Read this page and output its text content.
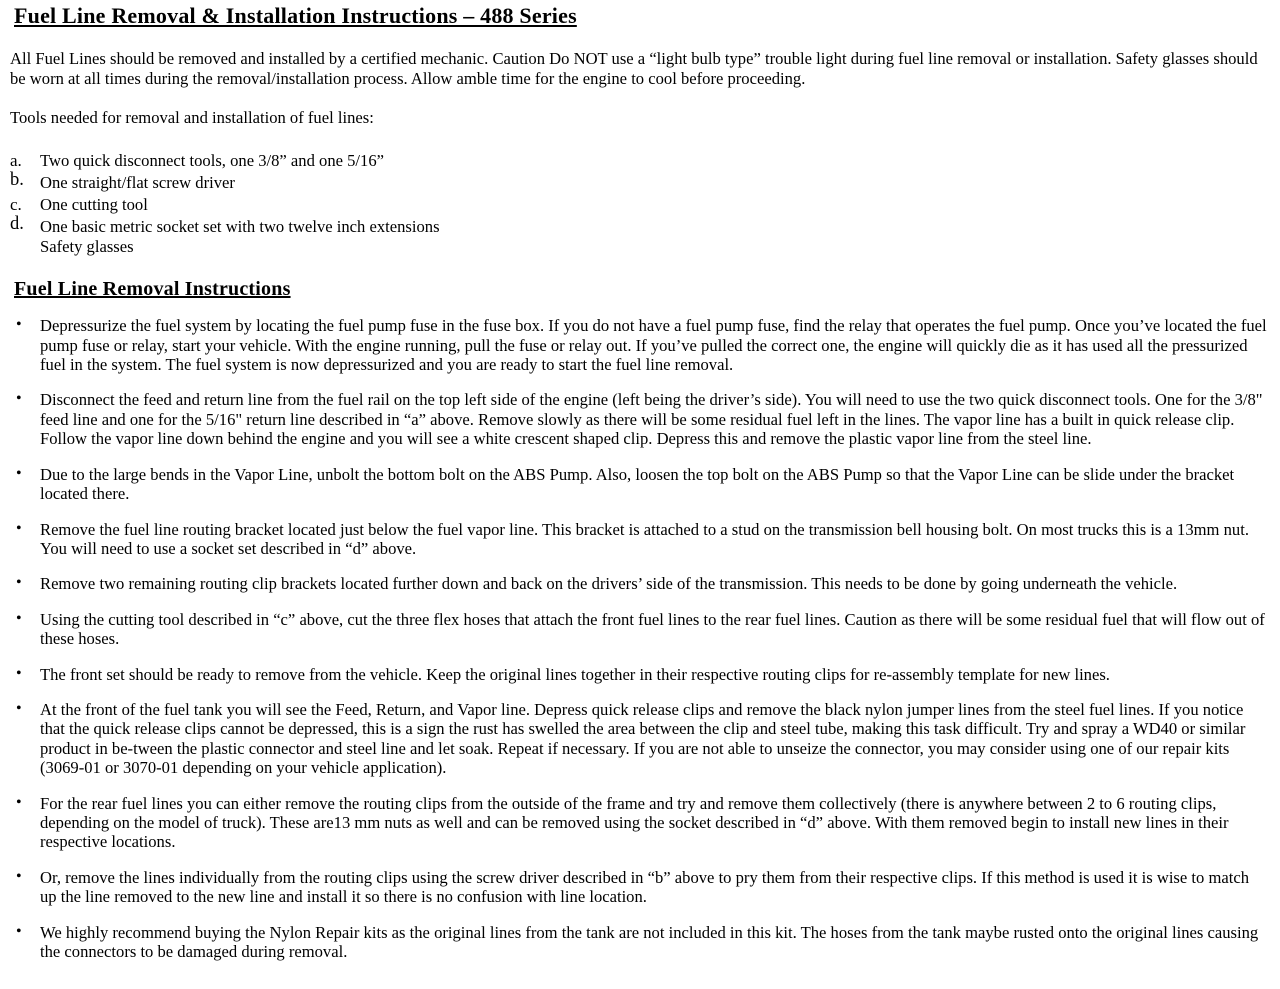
Fuel Line Removal & Installation Instructions – 488 Series

All Fuel Lines should be removed and installed by a certified mechanic. Caution Do NOT use a “light bulb type” trouble light during fuel line removal or installation. Safety glasses should be worn at all times during the removal/installation process. Allow amble time for the engine to cool before proceeding.

Tools needed for removal and installation of fuel lines:

a. Two quick disconnect tools, one 3/8” and one 5/16”
b. One straight/flat screw driver
c. One cutting tool
d. One basic metric socket set with two twelve inch extensions
Safety glasses
Fuel Line Removal Instructions
• Depressurize the fuel system by locating the fuel pump fuse in the fuse box. If you do not have a fuel pump fuse, find the relay that operates the fuel pump. Once you’ve located the fuel pump fuse or relay, start your vehicle. With the engine running, pull the fuse or relay out. If you’ve pulled the correct one, the engine will quickly die as it has used all the pressurized fuel in the system. The fuel system is now depressurized and you are ready to start the fuel line removal.
• Disconnect the feed and return line from the fuel rail on the top left side of the engine (left being the driver’s side). You will need to use the two quick disconnect tools. One for the 3/8" feed line and one for the 5/16" return line described in “a” above. Remove slowly as there will be some residual fuel left in the lines. The vapor line has a built in quick release clip. Follow the vapor line down behind the engine and you will see a white crescent shaped clip. Depress this and remove the plastic vapor line from the steel line.
• Due to the large bends in the Vapor Line, unbolt the bottom bolt on the ABS Pump. Also, loosen the top bolt on the ABS Pump so that the Vapor Line can be slide under the bracket located there.
• Remove the fuel line routing bracket located just below the fuel vapor line. This bracket is attached to a stud on the transmission bell housing bolt. On most trucks this is a 13mm nut. You will need to use a socket set described in “d” above.
• Remove two remaining routing clip brackets located further down and back on the drivers’ side of the transmission. This needs to be done by going underneath the vehicle.
• Using the cutting tool described in “c” above, cut the three flex hoses that attach the front fuel lines to the rear fuel lines. Caution as there will be some residual fuel that will flow out of these hoses.
• The front set should be ready to remove from the vehicle. Keep the original lines together in their respective routing clips for re-assembly template for new lines.
• At the front of the fuel tank you will see the Feed, Return, and Vapor line. Depress quick release clips and remove the black nylon jumper lines from the steel fuel lines. If you notice that the quick release clips cannot be depressed, this is a sign the rust has swelled the area between the clip and steel tube, making this task difficult. Try and spray a WD40 or similar product in be-tween the plastic connector and steel line and let soak. Repeat if necessary. If you are not able to unseize the connector, you may consider using one of our repair kits (3069-01 or 3070-01 depending on your vehicle application).
• For the rear fuel lines you can either remove the routing clips from the outside of the frame and try and remove them collectively (there is anywhere between 2 to 6 routing clips, depending on the model of truck). These are13 mm nuts as well and can be removed using the socket described in “d” above. With them removed begin to install new lines in their respective locations.
• Or, remove the lines individually from the routing clips using the screw driver described in “b” above to pry them from their respective clips. If this method is used it is wise to match up the line removed to the new line and install it so there is no confusion with line location.
• We highly recommend buying the Nylon Repair kits as the original lines from the tank are not included in this kit. The hoses from the tank maybe rusted onto the original lines causing the connectors to be damaged during removal.
